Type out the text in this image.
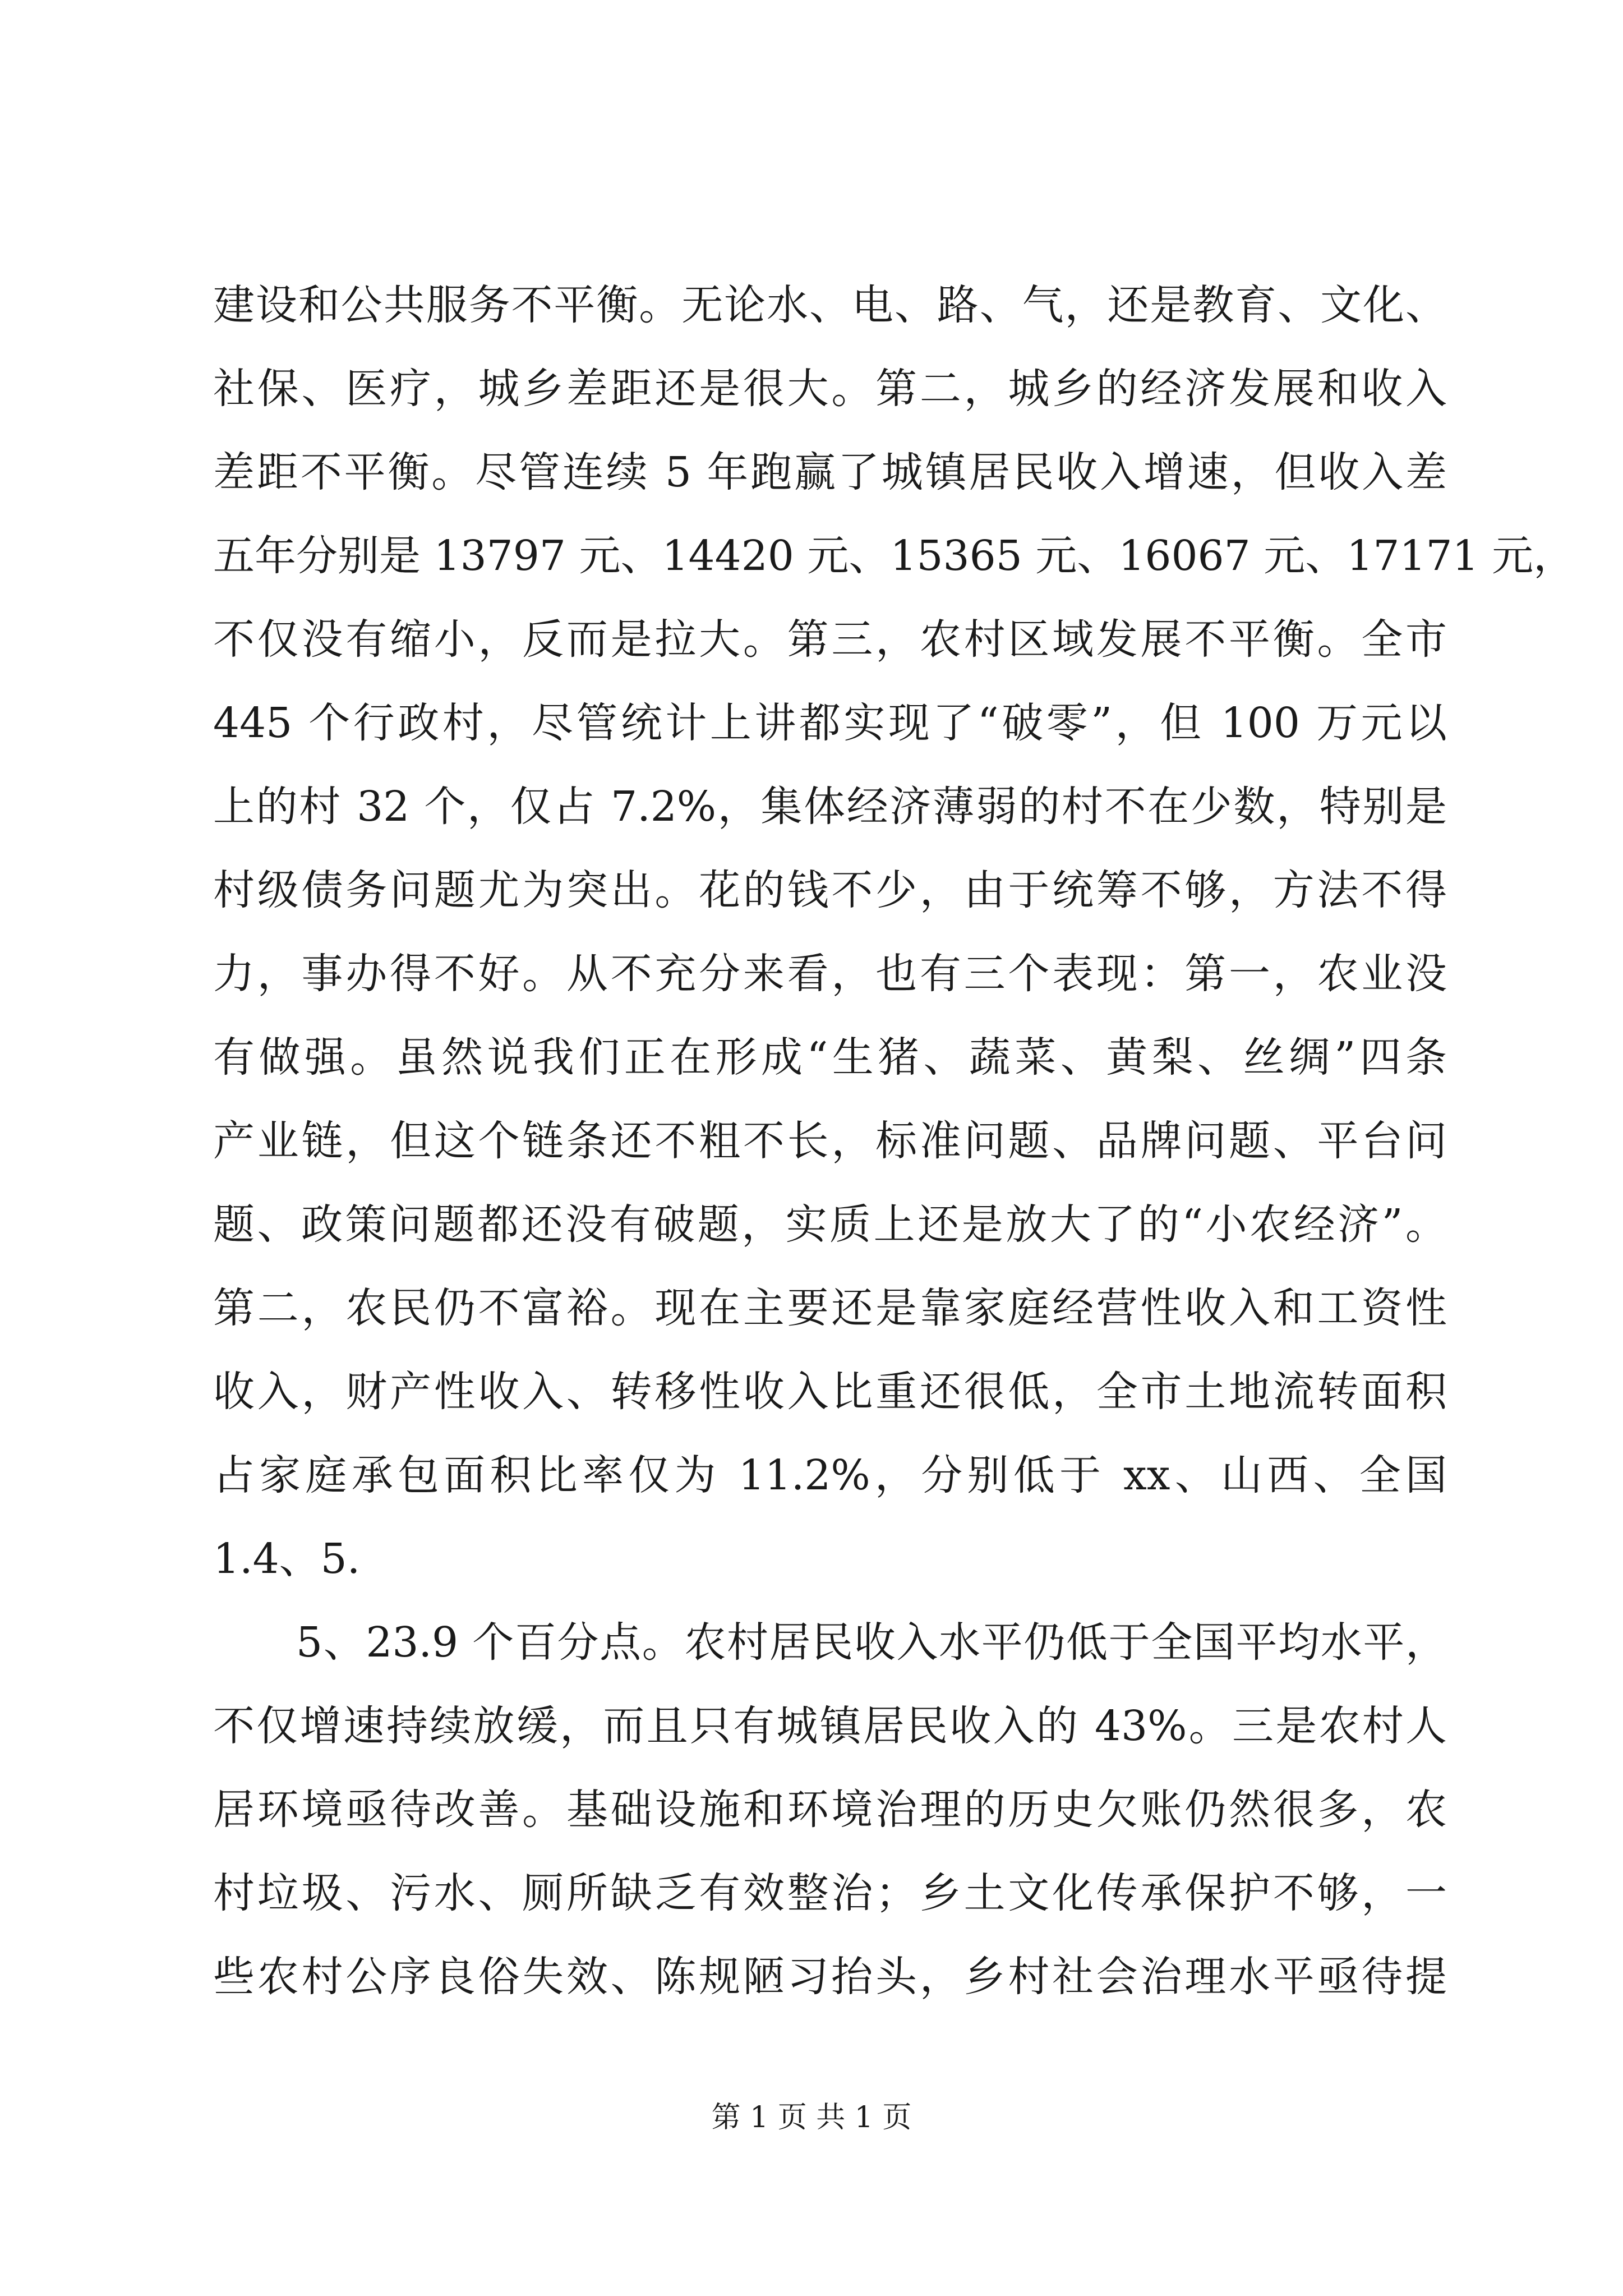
建设和公共服务不平衡。无论水、电、路、气，还是教育、文化、
社保、医疗，城乡差距还是很大。第二，城乡的经济发展和收入
差距不平衡。尽管连续 5 年跑赢了城镇居民收入增速，但收入差
五年分别是 13797 元、14420 元、15365 元、16067 元、17171 元，
不仅没有缩小，反而是拉大。第三，农村区域发展不平衡。全市
445 个行政村，尽管统计上讲都实现了“破零”，但 100 万元以
上的村 32 个，仅占 7.2%，集体经济薄弱的村不在少数，特别是
村级债务问题尤为突出。花的钱不少，由于统筹不够，方法不得
力，事办得不好。从不充分来看，也有三个表现：第一，农业没
有做强。虽然说我们正在形成“生猪、蔬菜、黄梨、丝绸”四条
产业链，但这个链条还不粗不长，标准问题、品牌问题、平台问
题、政策问题都还没有破题，实质上还是放大了的“小农经济”。
第二，农民仍不富裕。现在主要还是靠家庭经营性收入和工资性
收入，财产性收入、转移性收入比重还很低，全市土地流转面积
占家庭承包面积比率仅为 11.2%，分别低于 xx、山西、全国
1.4、5.
5、23.9 个百分点。农村居民收入水平仍低于全国平均水平，
不仅增速持续放缓，而且只有城镇居民收入的 43%。三是农村人
居环境亟待改善。基础设施和环境治理的历史欠账仍然很多，农
村垃圾、污水、厕所缺乏有效整治；乡土文化传承保护不够，一
些农村公序良俗失效、陈规陋习抬头，乡村社会治理水平亟待提
第 1 页 共 1 页
